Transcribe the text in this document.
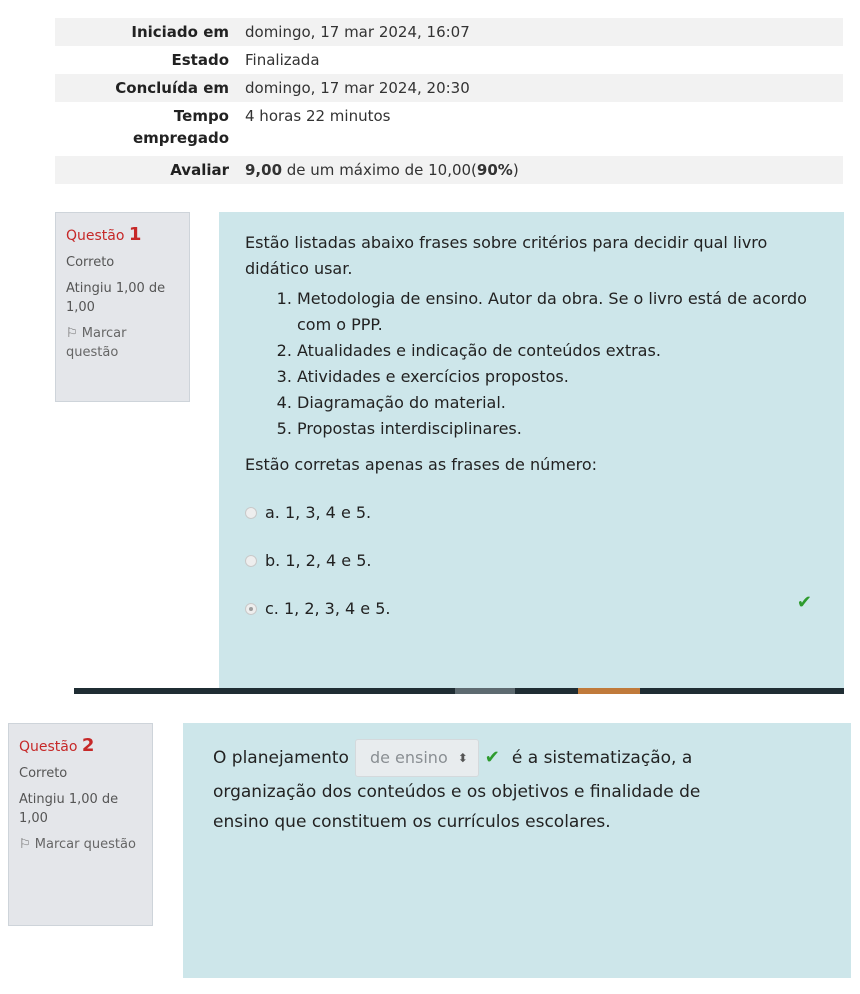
Iniciado em	domingo, 17 mar 2024, 16:07
Estado	Finalizada
Concluída em	domingo, 17 mar 2024, 20:30
Tempo
empregado	4 horas 22 minutos
Avaliar	9,00 de um máximo de 10,00(90%)
Questão 1
Correto
Atingiu 1,00 de 1,00
⚐ Marcar questão
Estão listadas abaixo frases sobre critérios para decidir qual livro didático usar.
1. Metodologia de ensino. Autor da obra. Se o livro está de acordo com o PPP.
2. Atualidades e indicação de conteúdos extras.
3. Atividades e exercícios propostos.
4. Diagramação do material.
5. Propostas interdisciplinares.
Estão corretas apenas as frases de número:
a. 1, 3, 4 e 5.
b. 1, 2, 4 e 5.
c. 1, 2, 3, 4 e 5.	✔
Questão 2
Correto
Atingiu 1,00 de 1,00
⚐ Marcar questão
O planejamento de ensino ⬍ ✔ é a sistematização, a
organização dos conteúdos e os objetivos e finalidade de
ensino que constituem os currículos escolares.
